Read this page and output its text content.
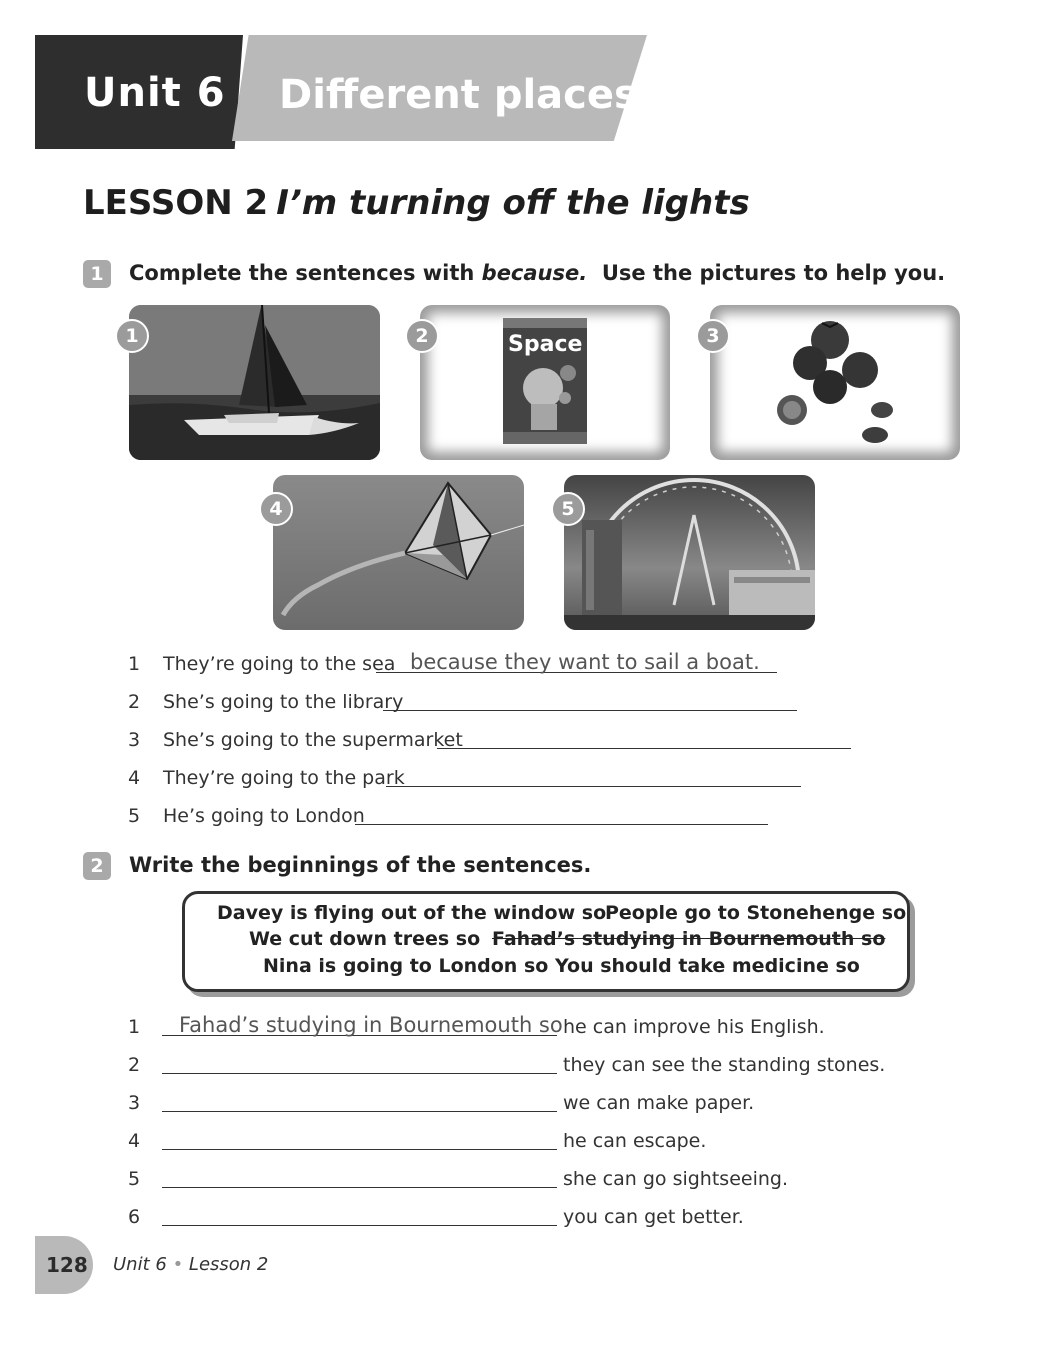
Unit 6 Different places
LESSON 2 I’m turning off the lights
1	Complete the sentences with because.  Use the pictures to help you.
1	Space
2	3
4	5
1 They’re going to the sea because they want to sail a boat.
2 She’s going to the library
3 She’s going to the supermarket
4 They’re going to the park
5 He’s going to London
2	Write the beginnings of the sentences.
Davey is flying out of the window so
People go to Stonehenge so
We cut down trees so Fahad’s studying in Bournemouth so
Nina is going to London so You should take medicine so
1 Fahad’s studying in Bournemouth so he can improve his English.
2	they can see the standing stones.
3	we can make paper.
4	he can escape.
5	she can go sightseeing.
6	you can get better.
128 Unit 6 • Lesson 2
